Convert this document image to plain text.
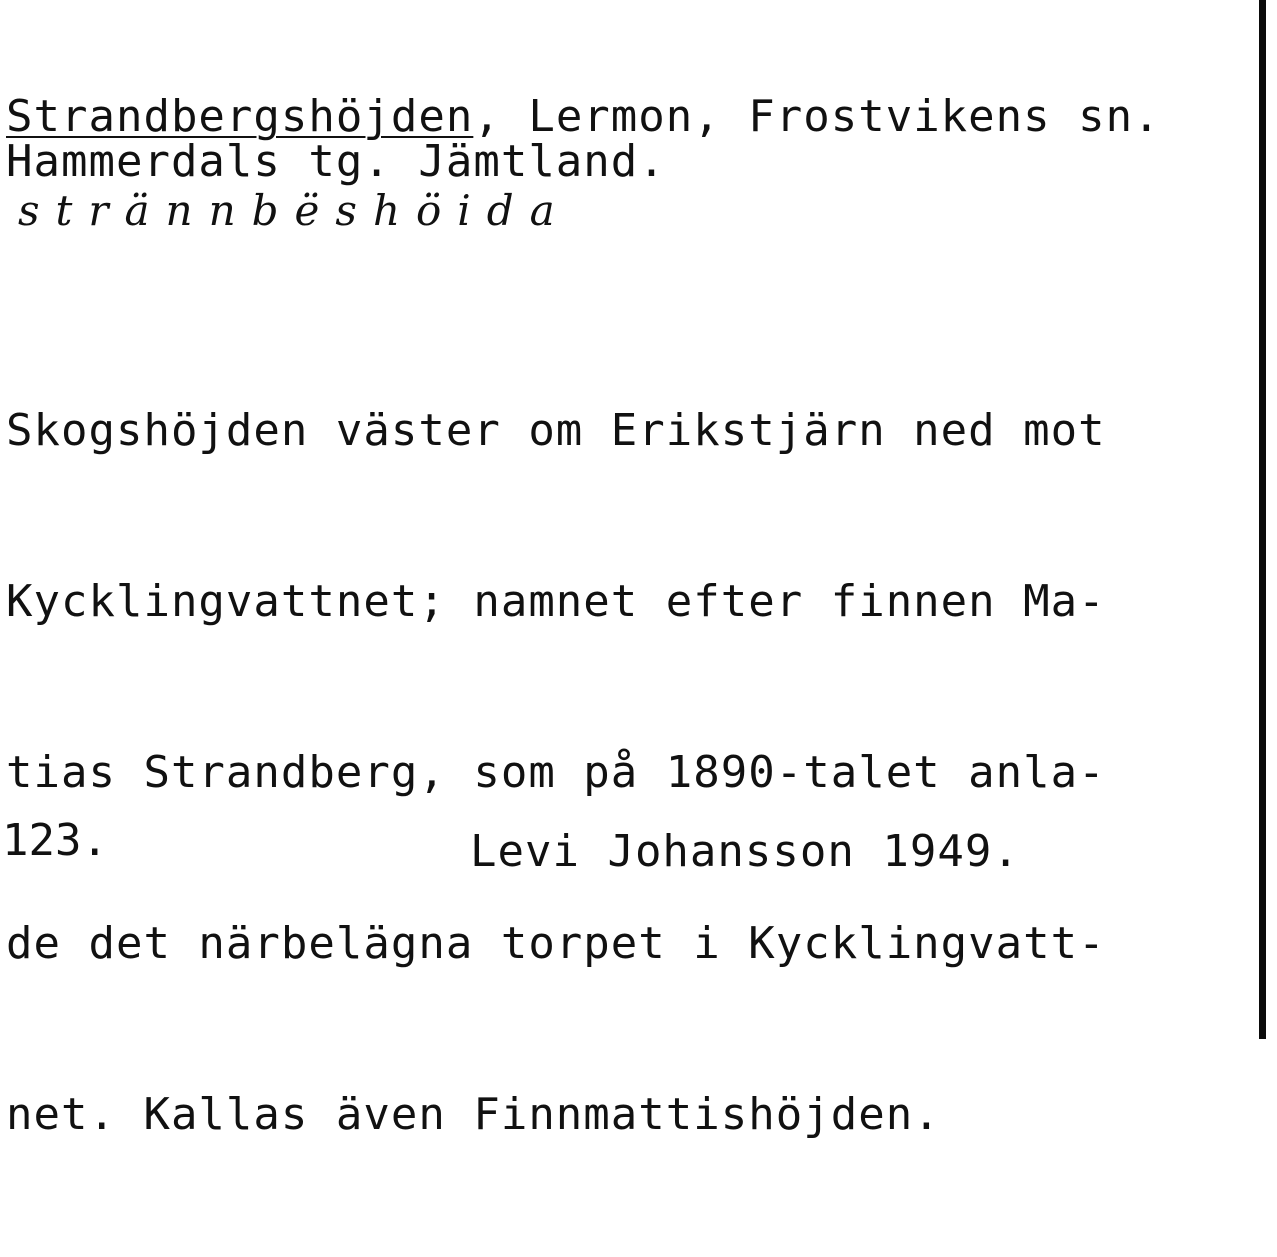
Strandbergshöjden, Lermon, Frostvikens sn.
Hammerdals tg. Jämtland.
strännbëshöida

Skogshöjden väster om Erikstjärn ned mot

Kycklingvattnet; namnet efter finnen Ma-

tias Strandberg, som på 1890-talet anla-

de det närbelägna torpet i Kycklingvatt-

net. Kallas även Finnmattishöjden.

123.	Levi Johansson 1949.
